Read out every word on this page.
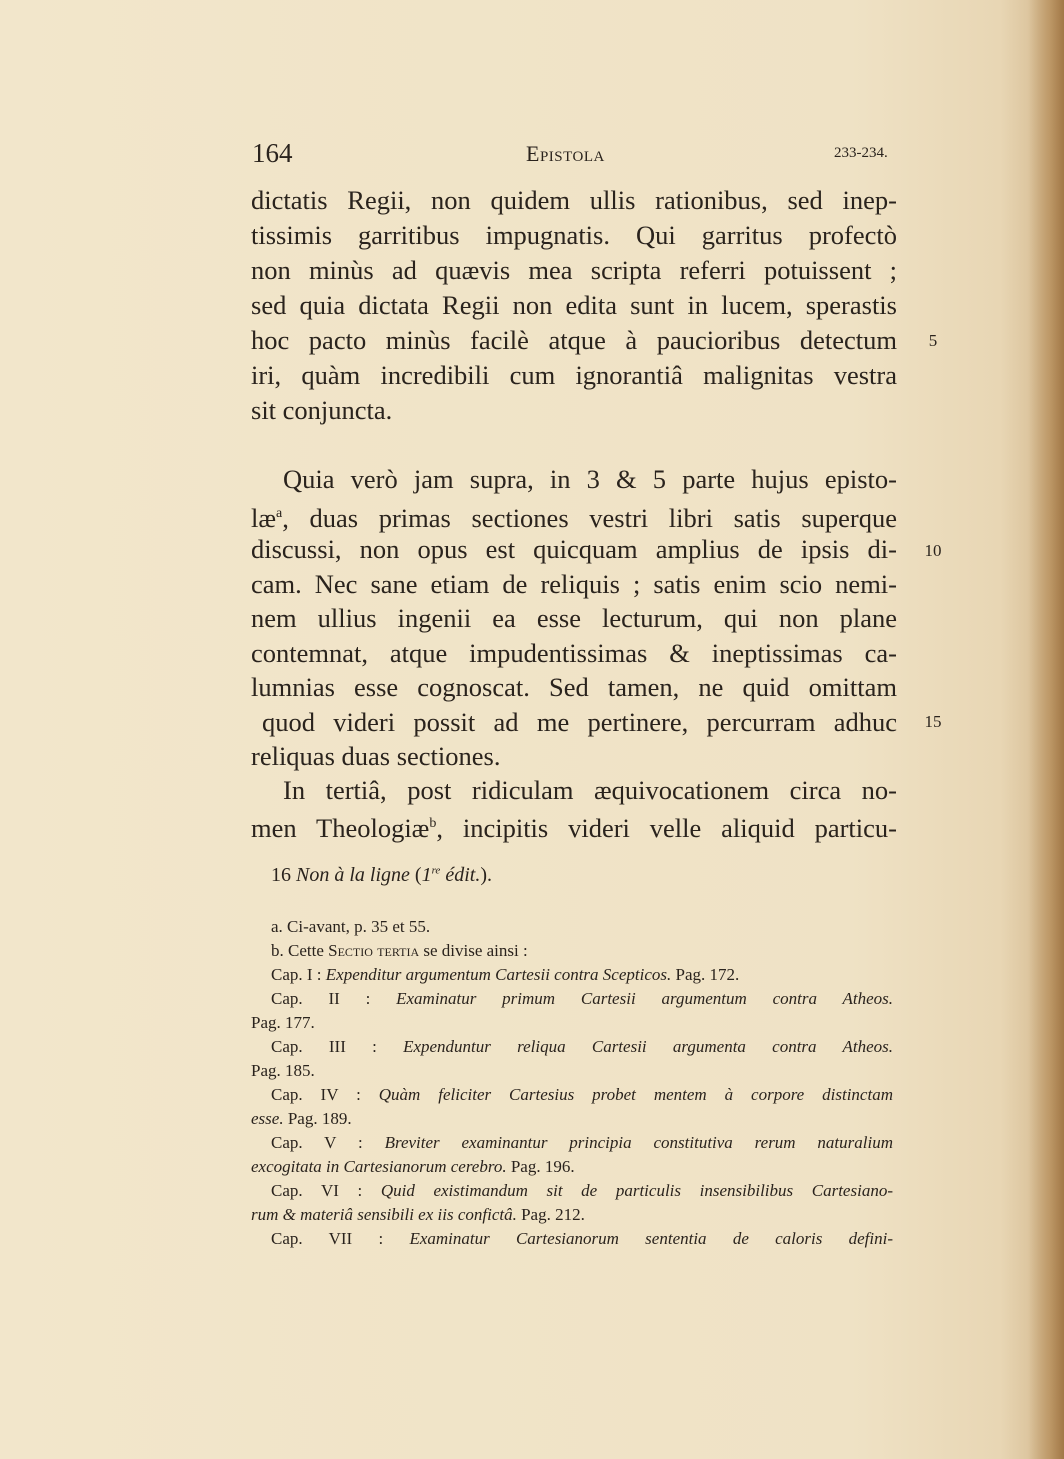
164	Epistola	233-234.
dictatis Regii, non quidem ullis rationibus, sed inep-
tissimis garritibus impugnatis. Qui garritus profectò
non minùs ad quævis mea scripta referri potuissent ;
sed quia dictata Regii non edita sunt in lucem, sperastis
hoc pacto minùs facilè atque à paucioribus detectum	5
iri, quàm incredibili cum ignorantiâ malignitas vestra
sit conjuncta.
Quia verò jam supra, in 3 & 5 parte hujus episto-
$læ^a$, duas primas sectiones vestri libri satis superque
discussi, non opus est quicquam amplius de ipsis di-	10
cam. Nec sane etiam de reliquis ; satis enim scio nemi-
nem ullius ingenii ea esse lecturum, qui non plane
contemnat, atque impudentissimas & ineptissimas ca-
lumnias esse cognoscat. Sed tamen, ne quid omittam
quod videri possit ad me pertinere, percurram adhuc	15
reliquas duas sectiones.
In tertiâ, post ridiculam æquivocationem circa no-
men Theologiæ$^b$, incipitis videri velle aliquid particu-
16 Non à la ligne (1re édit.).
a. Ci-avant, p. 35 et 55.
b. Cette Sectio tertia se divise ainsi :
Cap. I : Expenditur argumentum Cartesii contra Scepticos. Pag. 172.
Cap. II : Examinatur primum Cartesii argumentum contra Atheos.
Pag. 177.
Cap. III : Expenduntur reliqua Cartesii argumenta contra Atheos.
Pag. 185.
Cap. IV : Quàm feliciter Cartesius probet mentem à corpore distinctam
esse. Pag. 189.
Cap. V : Breviter examinantur principia constitutiva rerum naturalium
excogitata in Cartesianorum cerebro. Pag. 196.
Cap. VI : Quid existimandum sit de particulis insensibilibus Cartesiano-
rum & materiâ sensibili ex iis confictâ. Pag. 212.
Cap. VII : Examinatur Cartesianorum sententia de caloris defini-
